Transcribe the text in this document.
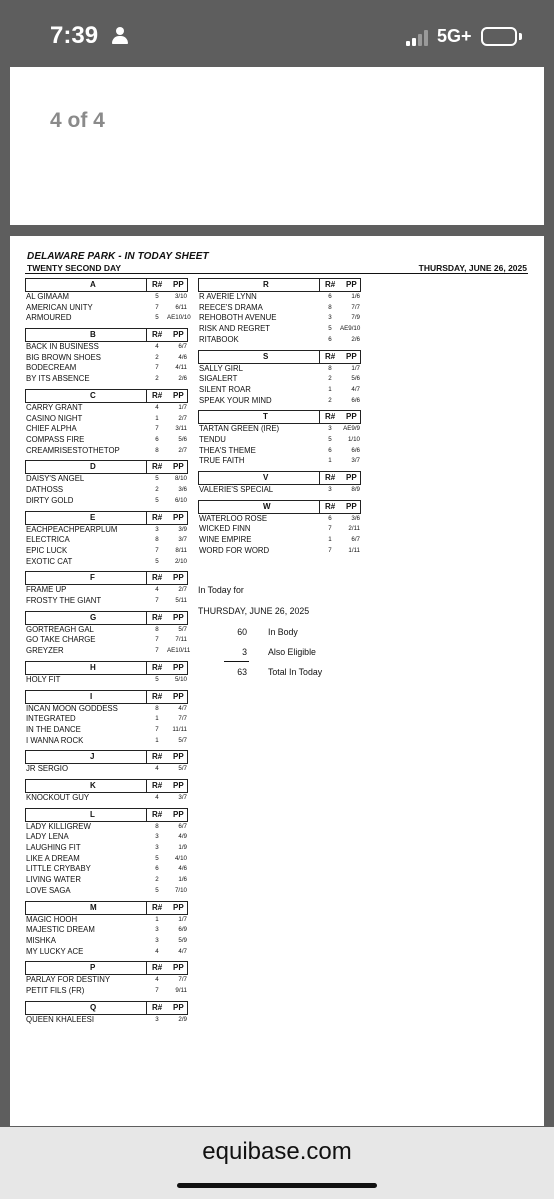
7:39	5G+
4 of 4
DELAWARE PARK - IN TODAY SHEET
TWENTY SECOND DAY	THURSDAY, JUNE 26, 2025
In Today for
THURSDAY, JUNE 26, 2025
60 In Body
3 Also Eligible
63 Total In Today
A	R# PP
AL GIMAAM	5	3/10
AMERICAN UNITY	7	6/11
ARMOURED	5	AE10/10
B	R# PP
BACK IN BUSINESS	4	6/7
BIG BROWN SHOES	2	4/6
BODECREAM	7	4/11
BY ITS ABSENCE	2	2/6
C	R# PP
CARRY GRANT	4	1/7
CASINO NIGHT	1	2/7
CHIEF ALPHA	7	3/11
COMPASS FIRE	6	5/6
CREAMRISESTOTHETOP	8	2/7
D	R# PP
DAISY'S ANGEL	5	8/10
DATHOSS	2	3/6
DIRTY GOLD	5	6/10
E	R# PP
EACHPEACHPEARPLUM	3	3/9
ELECTRICA	8	3/7
EPIC LUCK	7	8/11
EXOTIC CAT	5	2/10
F	R# PP
FRAME UP	4	2/7
FROSTY THE GIANT	7	5/11
G	R# PP
GORTREAGH GAL	8	5/7
GO TAKE CHARGE	7	7/11
GREYZER	7	AE10/11
H	R# PP
HOLY FIT	5	5/10
I	R# PP
INCAN MOON GODDESS	8	4/7
INTEGRATED	1	7/7
IN THE DANCE	7	11/11
I WANNA ROCK	1	5/7
J	R# PP
JR SERGIO	4	5/7
K	R# PP
KNOCKOUT GUY	4	3/7
L	R# PP
LADY KILLIGREW	8	6/7
LADY LENA	3	4/9
LAUGHING FIT	3	1/9
LIKE A DREAM	5	4/10
LITTLE CRYBABY	6	4/6
LIVING WATER	2	1/6
LOVE SAGA	5	7/10
M	R# PP
MAGIC HOOH	1	1/7
MAJESTIC DREAM	3	6/9
MISHKA	3	5/9
MY LUCKY ACE	4	4/7
P	R# PP
PARLAY FOR DESTINY	4	7/7
PETIT FILS (FR)	7	9/11
Q	R# PP
QUEEN KHALEESI	3	2/9
R	R# PP
R AVERIE LYNN	6	1/6
REECE'S DRAMA	8	7/7
REHOBOTH AVENUE	3	7/9
RISK AND REGRET	5	AE9/10
RITABOOK	6	2/6
S	R# PP
SALLY GIRL	8	1/7
SIGALERT	2	5/6
SILENT ROAR	1	4/7
SPEAK YOUR MIND	2	6/6
T	R# PP
TARTAN GREEN (IRE)	3	AE9/9
TENDU	5	1/10
THEA'S THEME	6	6/6
TRUE FAITH	1	3/7
V	R# PP
VALERIE'S SPECIAL	3	8/9
W	R# PP
WATERLOO ROSE	6	3/6
WICKED FINN	7	2/11
WINE EMPIRE	1	6/7
WORD FOR WORD	7	1/11
equibase.com
